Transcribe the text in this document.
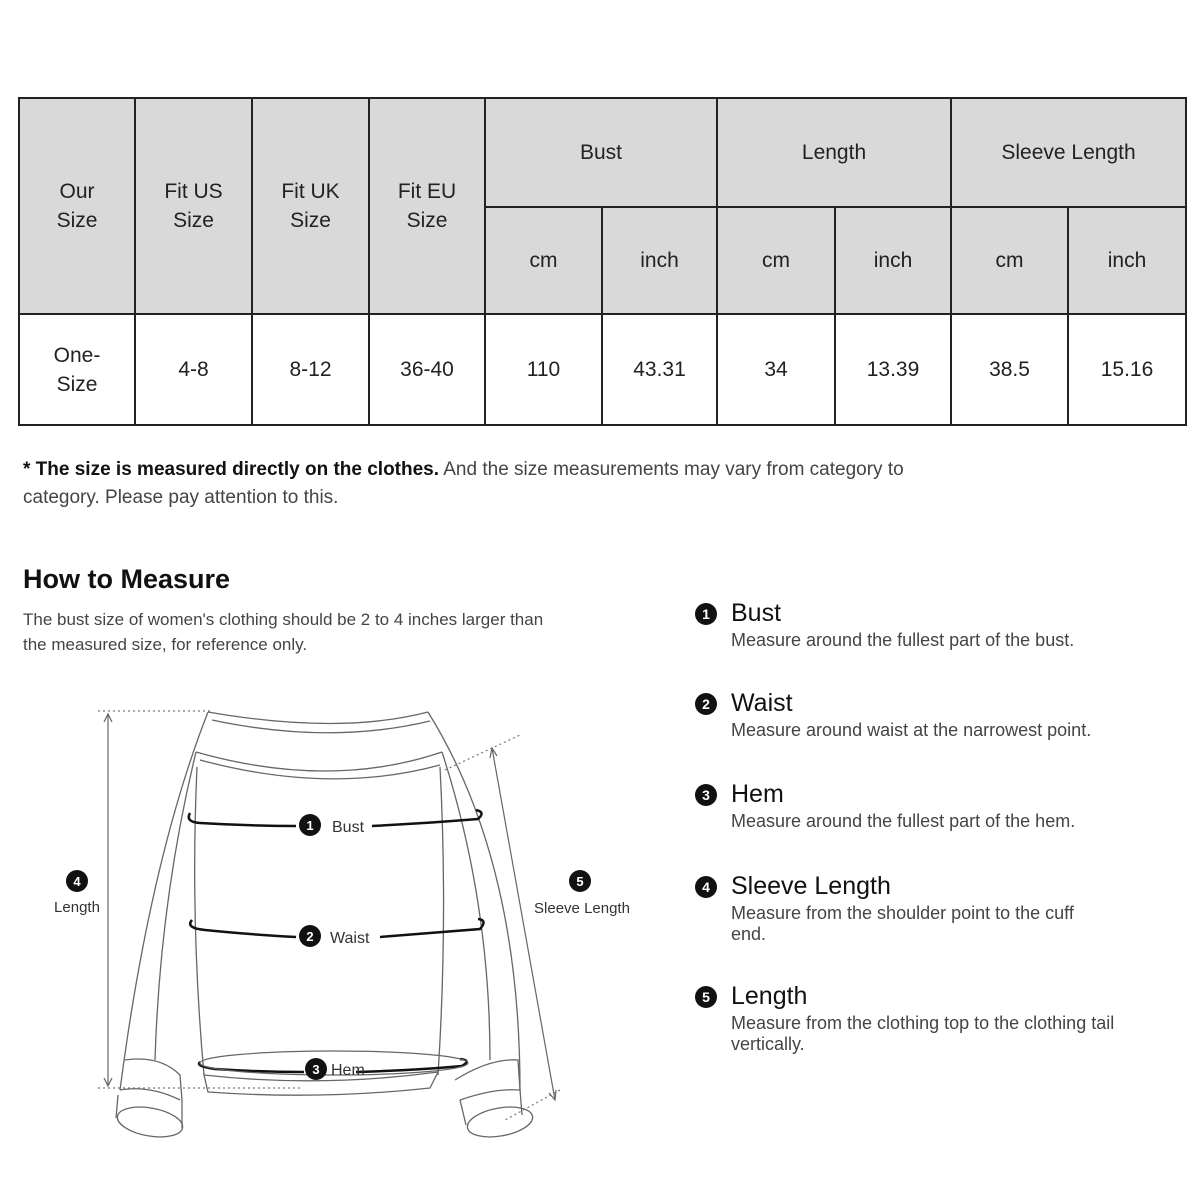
Our Size	Fit US Size	Fit UK Size	Fit EU Size	Bust		Length		Sleeve Length	
				cm	inch	cm	inch	cm	inch
One-Size	4-8	8-12	36-40	110	43.31	34	13.39	38.5	15.16
* The size is measured directly on the clothes. And the size measurements may vary from category to category. Please pay attention to this.
How to Measure
The bust size of women's clothing should be 2 to 4 inches larger than the measured size, for reference only.
1 Bust
Measure around the fullest part of the bust.
2 Waist
Measure around waist at the narrowest point.
3 Hem
Measure around the fullest part of the hem.
4 Sleeve Length
Measure from the shoulder point to the cuff end.
5 Length
Measure from the clothing top to the clothing tail vertically.
1 Bust
2 Waist
3 Hem
4
Length
5
Sleeve Length
